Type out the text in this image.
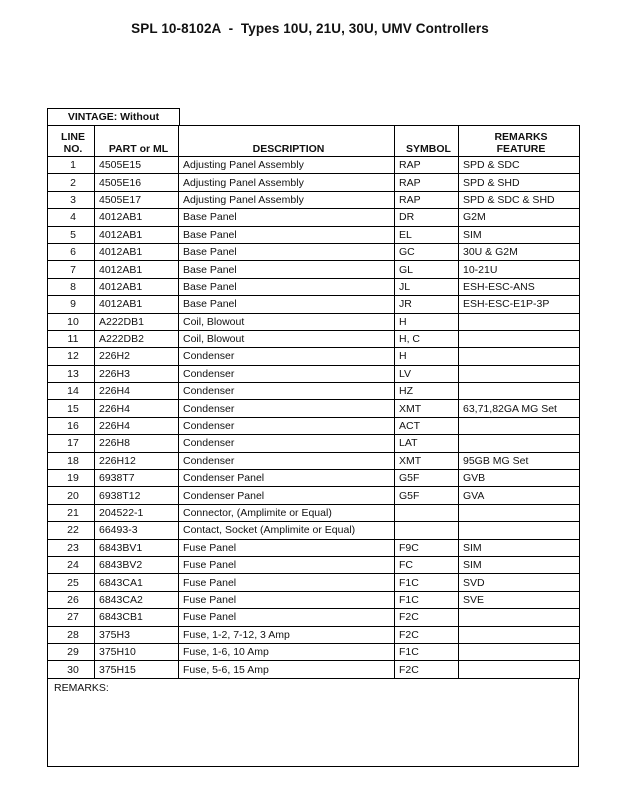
SPL 10-8102A  -  Types 10U, 21U, 30U, UMV Controllers
VINTAGE: Without
LINE
NO.	PART or ML	DESCRIPTION	SYMBOL	REMARKS
FEATURE
1	4505E15	Adjusting Panel Assembly	RAP	SPD & SDC
2	4505E16	Adjusting Panel Assembly	RAP	SPD & SHD
3	4505E17	Adjusting Panel Assembly	RAP	SPD & SDC & SHD
4	4012AB1	Base Panel	DR	G2M
5	4012AB1	Base Panel	EL	SIM
6	4012AB1	Base Panel	GC	30U & G2M
7	4012AB1	Base Panel	GL	10-21U
8	4012AB1	Base Panel	JL	ESH-ESC-ANS
9	4012AB1	Base Panel	JR	ESH-ESC-E1P-3P
10	A222DB1	Coil, Blowout	H	
11	A222DB2	Coil, Blowout	H, C	
12	226H2	Condenser	H	
13	226H3	Condenser	LV	
14	226H4	Condenser	HZ	
15	226H4	Condenser	XMT	63,71,82GA MG Set
16	226H4	Condenser	ACT	
17	226H8	Condenser	LAT	
18	226H12	Condenser	XMT	95GB MG Set
19	6938T7	Condenser Panel	G5F	GVB
20	6938T12	Condenser Panel	G5F	GVA
21	204522-1	Connector, (Amplimite or Equal)		
22	66493-3	Contact, Socket (Amplimite or Equal)		
23	6843BV1	Fuse Panel	F9C	SIM
24	6843BV2	Fuse Panel	FC	SIM
25	6843CA1	Fuse Panel	F1C	SVD
26	6843CA2	Fuse Panel	F1C	SVE
27	6843CB1	Fuse Panel	F2C	
28	375H3	Fuse, 1-2, 7-12, 3 Amp	F2C	
29	375H10	Fuse, 1-6, 10 Amp	F1C	
30	375H15	Fuse, 5-6, 15 Amp	F2C	
REMARKS:
